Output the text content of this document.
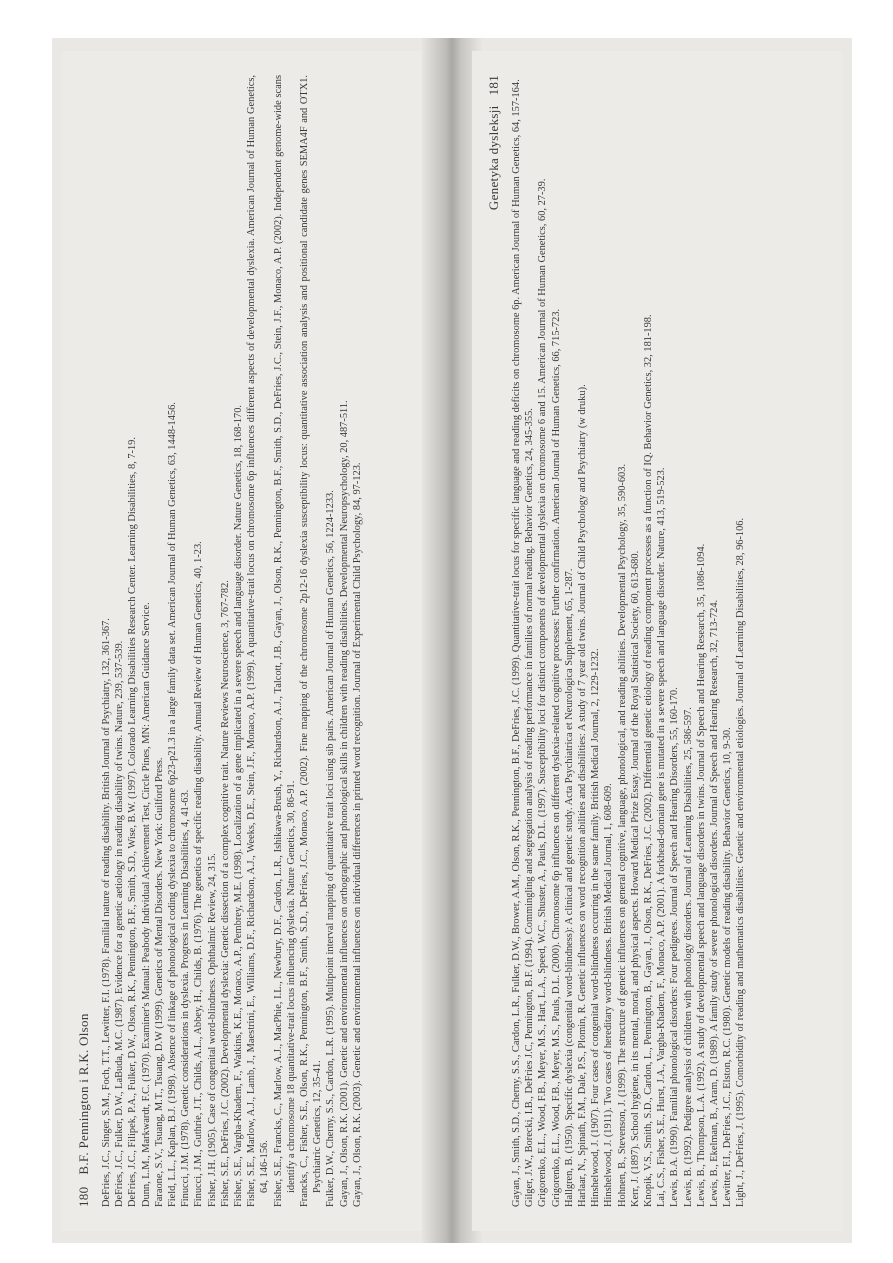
180B.F. Pennington i R.K. Olson DeFries, J.C., Singer, S.M., Foch, T.T., Lewitter, F.I. (1978). Familial nature of reading disability. British Journal of Psychiatry, 132, 361-367. DeFries, J.C., Fulker, D.W., LaBuda, M.C. (1987). Evidence for a genetic aetiology in reading disability of twins. Nature, 239, 537-539. DeFries, J.C., Filipek, P.A., Fulker, D.W., Olson, R.K., Pennington, B.F., Smith, S.D., Wise, B.W. (1997). Colorado Learning Disabilities Research Center. Learning Disabilities, 8, 7-19. Dunn, L.M., Markwardt, F.C. (1970). Examiner's Manual: Peabody Individual Achievement Test, Circle Pines, MN: American Guidance Service. Faraone, S.V., Tsuang, M.T., Tsuang, D.W (1999). Genetics of Mental Disorders. New York: Guilford Press. Field, L.L., Kaplan, B.J. (1998). Absence of linkage of phonological coding dyslexia to chromosome 6p23-p21.3 in a large family data set. American Journal of Human Genetics, 63, 1448-1456. Finucci, J.M. (1978). Genetic considerations in dyslexia. Progress in Learning Disabilities, 4, 41-63. Finucci, J.M., Guthrie, J.T., Childs, A.L., Abbey, H., Childs, B. (1976). The genetics of specific reading disability. Annual Review of Human Genetics, 40, 1-23. Fisher, J.H. (1905). Case of congenital word-blindness. Ophthalmic Review, 24, 315. Fisher, S.E., DeFries, J.C. (2002). Developmental dyslexia: Genetic dissection of a complex cognitive trait. Nature Reviews Neuroscience, 3, 767-782. Fisher, S.E., Vargha-Khadem, F., Watkins, K.E., Monaco, A.P., Pembrey, M.E. (1998). Localization of a gene implicated in a severe speech and language disorder. Nature Genetics, 18, 168-170. Fisher, S.E., Marlow, A.J., Lamb, J., Maestrini, E., Williams, D.F., Richardson, A.J., Weeks, D.E., Stein, J.F., Monaco, A.P. (1999). A quantitative-trait locus on chromosome 6p influences different aspects of developmental dyslexia. American Journal of Human Genetics, 64, 146-156. Fisher, S.E., Francks, C., Marlow, A.J., MacPhie, I.L., Newbury, D.F., Cardon, L.R., Ishikawa-Brush, Y., Richardson, A.J., Talcott, J.B., Gayan, J., Olson, R.K., Pennington, B.F., Smith, S.D., DeFries, J.C., Stein, J.F., Monaco, A.P. (2002). Independent genome-wide scans identify a chromosome 18 quantitative-trait locus influencing dyslexia. Nature Genetics, 30, 86-91. Francks, C., Fisher, S.E., Olson, R.K., Pennington, B.F., Smith, S.D., DeFries, J.C., Monaco, A.P. (2002). Fine mapping of the chromosome 2p12-16 dyslexia susceptibility locus: quantitative association analysis and positional candidate genes SEMA4F and OTX1. Psychiatric Genetics, 12, 35-41. Fulker, D.W., Cherny, S.S., Cardon, L.R. (1995). Multipoint interval mapping of quantitative trait loci using sib pairs. American Journal of Human Genetics, 56, 1224-1233. Gayan, J., Olson, R.K. (2001). Genetic and environmental influences on orthographic and phonological skills in children with reading disabilities. Developmental Neuropsychology, 20, 487-511. Gayan, J., Olson, R.K. (2003). Genetic and environmental influences on individual differences in printed word recognition. Journal of Experimental Child Psychology, 84, 97-123.

Genetyka dysleksji181 Gayan, J., Smith, S.D., Cherny, S.S., Cardon, L.R., Fulker, D.W., Brower, A.M., Olson, R.K., Pennington, B.F., DeFries, J.C. (1999). Quantitative-trait locus for specific language and reading deficits on chromosome 6p. American Journal of Human Genetics, 64, 157-164. Gilger, J.W., Borecki, I.B., DeFries J.C, Pennington, B.F. (1994). Commingling and segregation analysis of reading performance in families of normal reading. Behavior Genetics, 24, 345-355. Grigorenko, E.L., Wood, F.B., Meyer, M.S., Hart, L.A., Speed, W.C., Shuster, A., Pauls, D.L. (1997). Susceptibility loci for distinct components of developmental dyslexia on chromosome 6 and 15. American Journal of Human Genetics, 60, 27-39. Grigorenko, E.L., Wood, F.B., Meyer, M.S., Pauls, D.L. (2000). Chromosome 6p influences on different dyslexia-related cognitive processes: Further confirmation. American Journal of Human Genetics, 66, 715-723. Hallgren, B. (1950). Specific dyslexia (congenital word-blindness): A clinical and genetic study. Acta Psychiatrica et Neurologica Supplement, 65, 1-287. Harlaar, N., Spinath, F.M., Dale, P.S., Plomin, R. Genetic influences on word recognition abilities and disabilities: A study of 7 year old twins. Journal of Child Psychology and Psychiatry (w druku). Hinshelwood, J. (1907). Four cases of congenital word-blindness occurring in the same family. British Medical Journal, 2, 1229-1232. Hinshelwood, J. (1911). Two cases of hereditary word-blindness. British Medical Journal, 1, 608-609. Hohnen, B., Stevenson, J. (1999). The structure of genetic influences on general cognitive, language, phonological, and reading abilities. Developmental Psychology, 35, 590-603. Kerr, J. (1897). School hygiene, in its mental, moral, and physical aspects. Howard Medical Prize Essay. Journal of the Royal Statistical Society, 60, 613-680. Knopik, V.S., Smith, S.D., Cardon, L., Pennington, B., Gayan, J., Olson, R.K., DeFries, J.C. (2002). Differential genetic etiology of reading component processes as a function of IQ. Behavior Genetics, 32, 181-198. Lai, C.S., Fisher, S.E., Hurst, J.A., Vargha-Khadem, F., Monaco, A.P. (2001). A forkhead-domain gene is mutated in a severe speech and language disorder. Nature, 413, 519-523. Lewis, B.A. (1990). Familial phonological disorders: Four pedigrees. Journal of Speech and Hearing Disorders, 55, 160-170. Lewis, B. (1992). Pedigree analysis of children with phonology disorders. Journal of Learning Disabilities, 25, 586-597. Lewis, B., Thompson, L.A. (1992). A study of developmental speech and language disorders in twins. Journal of Speech and Hearing Research, 35, 1086-1094. Lewis, B., Ekelman, B., Aram, D. (1989). A family study of severe phonological disorders. Journal of Speech and Hearing Research, 32, 713-724. Lewitter, F.I., DeFries, J.C., Elston, R.C. (1980). Genetic models of reading disability. Behavior Genetics, 10, 9-30. Light, J., DeFries, J. (1995). Comorbidity of reading and mathematics disabilities: Genetic and environmental etiologies. Journal of Learning Disabilities, 28, 96-106.
